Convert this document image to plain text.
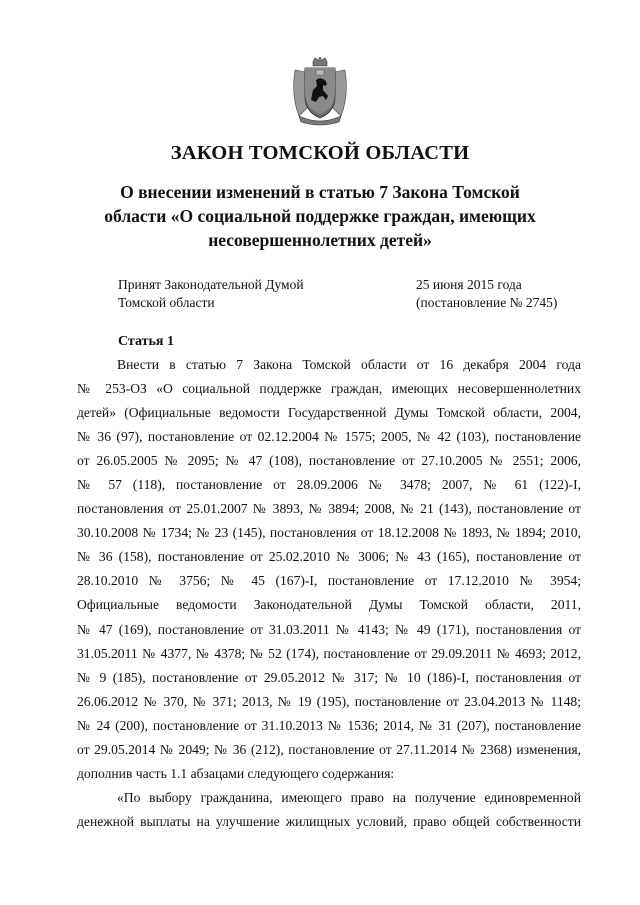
ЗАКОН ТОМСКОЙ ОБЛАСТИ
О внесении изменений в статью 7 Закона Томской
области «О социальной поддержке граждан, имеющих
несовершеннолетних детей»
Принят Законодательной Думой
Томской области
25 июня 2015 года
(постановление № 2745)
Статья 1
Внести в статью 7 Закона Томской области от 16 декабря 2004 года
№ 253-ОЗ «О социальной поддержке граждан, имеющих несовершеннолетних
детей» (Официальные ведомости Государственной Думы Томской области, 2004,
№ 36 (97), постановление от 02.12.2004 № 1575; 2005, № 42 (103), постановление
от 26.05.2005 № 2095; № 47 (108), постановление от 27.10.2005 № 2551; 2006,
№ 57 (118), постановление от 28.09.2006 № 3478; 2007, № 61 (122)-I,
постановления от 25.01.2007 № 3893, № 3894; 2008, № 21 (143), постановление от
30.10.2008 № 1734; № 23 (145), постановления от 18.12.2008 № 1893, № 1894; 2010,
№ 36 (158), постановление от 25.02.2010 № 3006; № 43 (165), постановление от
28.10.2010 № 3756; № 45 (167)-I, постановление от 17.12.2010 № 3954;
Официальные ведомости Законодательной Думы Томской области, 2011,
№ 47 (169), постановление от 31.03.2011 № 4143; № 49 (171), постановления от
31.05.2011 № 4377, № 4378; № 52 (174), постановление от 29.09.2011 № 4693; 2012,
№ 9 (185), постановление от 29.05.2012 № 317; № 10 (186)-I, постановления от
26.06.2012 № 370, № 371; 2013, № 19 (195), постановление от 23.04.2013 № 1148;
№ 24 (200), постановление от 31.10.2013 № 1536; 2014, № 31 (207), постановление
от 29.05.2014 № 2049; № 36 (212), постановление от 27.11.2014 № 2368) изменения,
дополнив часть 1.1 абзацами следующего содержания:
«По выбору гражданина, имеющего право на получение единовременной
денежной выплаты на улучшение жилищных условий, право общей собственности
